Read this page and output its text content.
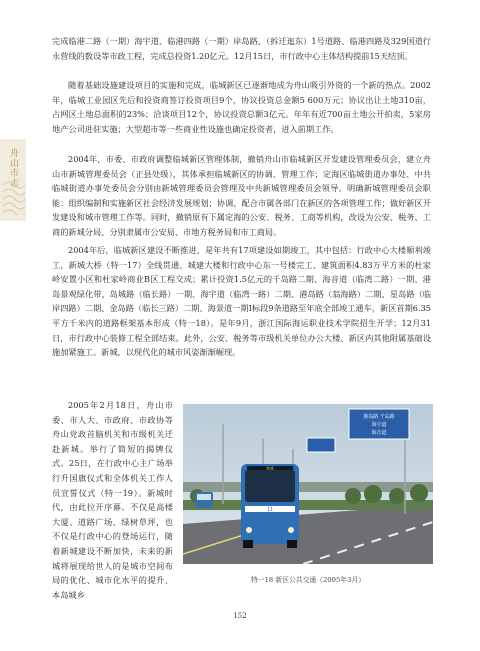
舟山市志

完成临港二路（一期）海宇道、临港四路（一期）岸岛路、（拆迁迤东）1号道路、临港四路及329国道行永营线的数设等市政工程，完成总投资1.20亿元。12月15日，市行政中心主体结构提前15天结顶。

随着基础设施建设项目的实施和完成，临城新区已逐渐地成为舟山吸引外资的一个新的热点。2002年，临城工业园区先后和投资商签订投资项目9个，协议投资总金额5 600万元；协议出让土地310亩，占网区土地总面积的23%；洽谈项目12个，协议投资总额3亿元。年年有近700亩土地公开拍卖，5家房地产公司进驻实施；大型超市等一些商业性设施也确定投资者，进入前期工作。

2004年，市委、市政府调整临城新区管理体制，撤销舟山市临城新区开发建设管理委员会，建立舟山市新城管理委员会（正县处级），其体承担临城新区的协调、管理工作；定海区临城街道办事处、中共临城街道办事处委员会分别由新城管理委员会管理及中共新城管理委员会领导。明确新城管理委员会职能：组织编制和实施新区社会经济发展规划；协调、配合市属各部门在新区的各项管理工作；做好新区开发建设和城市管理工作等。同时，撤销原有下属定海的公安、税务、工商等机构，改设为公安、税务、工商的新城分局、分别隶属市公安局、市地方税务局和市工商局。

2004年后，临城新区建设不断推进，是年共有17项建设如期竣工，其中包括：行政中心大楼顺利竣工，新城大桥（特一17）全线贯通、城建大楼和行政中心东一号楼完工、建筑面积4.83万平方米的杜家岭安置小区和杜家岭商业B区工程交成；累计投资1.5亿元的千岛路二期、海音道（临湾二路）一期、港岛景观绿化带、岛城路（临长路）一期、海宇道（临湾一路）二期、港岛路（翁海路）二期、星岛路（临岸四路）二期、金岛路（临长三路）二期、海景道一期Ⅰ标段9条道路至年底全部竣工通车，新区首期6.35平方千米内的道路框架基本形成（特一18）。是年9月，浙江国际海运职业技术学院招生开学；12月31日，市行政中心装修工程全部结束。此外，公安、税务等市级机关单位办公大楼、新区内其他附属基础设施加紧施工。新城，以现代化的城市风姿渐渐崛现。

2005年2月18日，舟山市委、市人大、市政府、市政协等舟山党政首脑机关和市级机关迁赴新城。举行了简短的揭牌仪式。25日，在行政中心主广场举行升国旗仪式和全体机关工作人员宣誓仪式（特一19）。新城时代，由此拉开序幕。不仅是高楼大厦、道路广场、绿树草坪，也不仅是行政中心的登场运行，随着新城建设不断加快，未来的新城将展现给世人的是城市空间布局的优化、城市化水平的提升、本岛城乡

港岛路 千岛路
海宇道
海音道
新城
11
特一18 新区公共交通（2005年3月）
152
